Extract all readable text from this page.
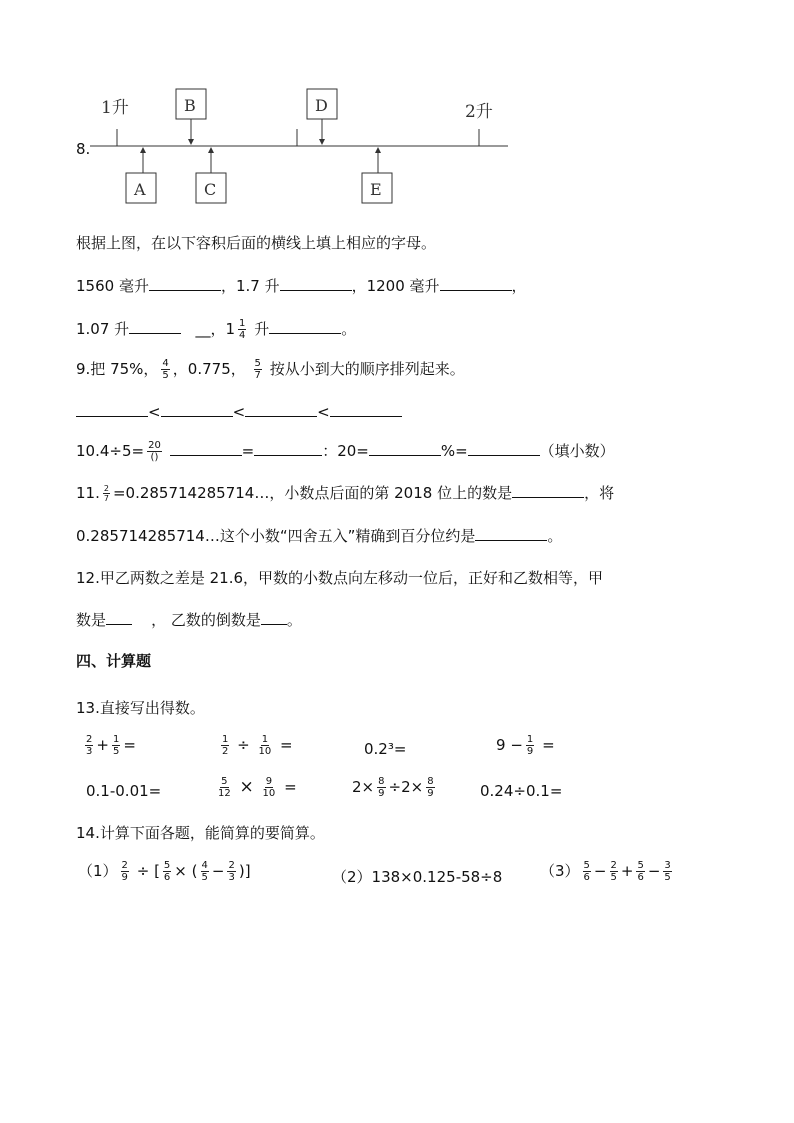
8.
1升	2升
B	D
A	C	E
根据上图，在以下容积后面的横线上填上相应的字母。
1560 毫升	，1.7 升	，1200 毫升	，
1.07 升	__，$1 \frac{1}{4}$ 升	。
9.把 75%， $\frac{4}{5}$ ，0.775， $\frac{5}{7}$ 按从小到大的顺序排列起来。
<	<	<
$10.4\div 5= \frac{20}{()}$	=	：20=	%=	（填小数）
11. $\frac{2}{7}$ =0.285714285714…，小数点后面的第 2018 位上的数是	，将
0.285714285714…这个小数“四舍五入”精确到百分位约是	。
12.甲乙两数之差是 21.6，甲数的小数点向左移动一位后，正好和乙数相等，甲
数是	， 乙数的倒数是 。
四、计算题
13.直接写出得数。
$\frac{2}{3} + \frac{1}{5}$ =	$\frac{1}{2} \div \frac{1}{10}$ =	0.2³=	$9 - \frac{1}{9}$ =
0.1-0.01=	$\frac{5}{12} \times \frac{9}{10}$ =	$2\times \frac{8}{9} \div 2\times \frac{8}{9}$	0.24÷0.1=
14.计算下面各题，能简算的要简算。
$(1) \frac{2}{9}$ ÷ [ $\frac{5}{6}$ × ( $\frac{4}{5} - \frac{2}{3}$ )]	（2）138×0.125-58÷8	$(3) \frac{5}{6} - \frac{2}{5} + \frac{5}{6} - \frac{3}{5}$
